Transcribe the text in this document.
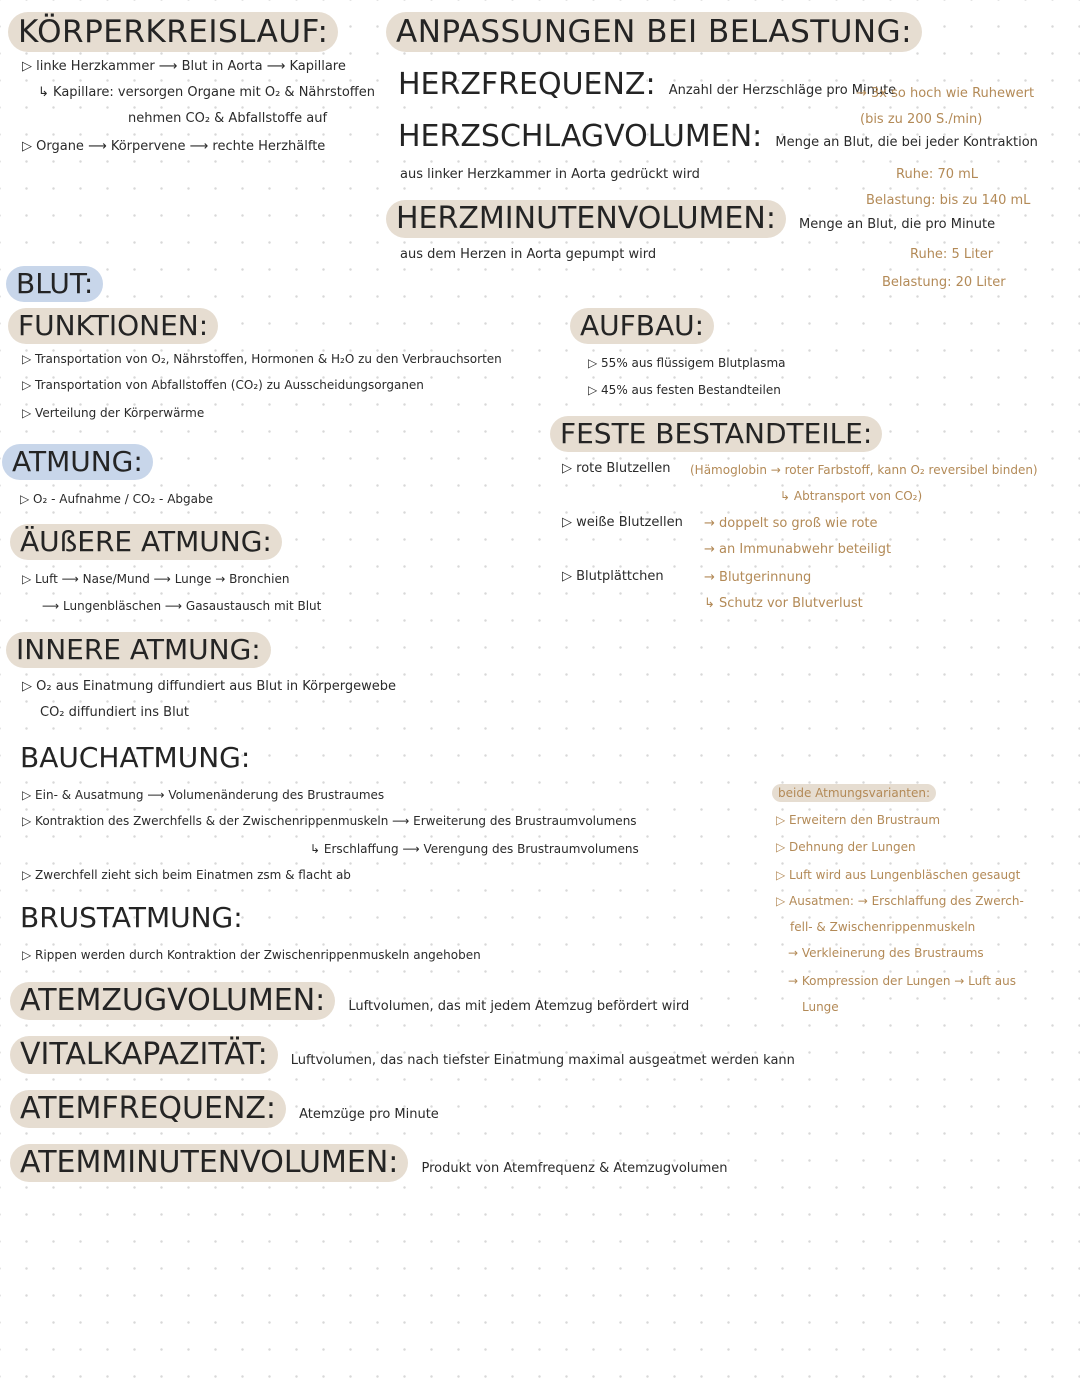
KÖRPERKREISLAUF:
▷ linke Herzkammer ⟶ Blut in Aorta ⟶ Kapillare
↳ Kapillare: versorgen Organe mit O₂ & Nährstoffen
nehmen CO₂ & Abfallstoffe auf
▷ Organe ⟶ Körpervene ⟶ rechte Herzhälfte
ANPASSUNGEN BEI BELASTUNG:
HERZFREQUENZ: Anzahl der Herzschläge pro Minute
→ 3x so hoch wie Ruhewert
(bis zu 200 S./min)
HERZSCHLAGVOLUMEN: Menge an Blut, die bei jeder Kontraktion
aus linker Herzkammer in Aorta gedrückt wird	Ruhe: 70 mL
Belastung: bis zu 140 mL
HERZMINUTENVOLUMEN: Menge an Blut, die pro Minute
aus dem Herzen in Aorta gepumpt wird	Ruhe: 5 Liter
Belastung: 20 Liter
BLUT:
FUNKTIONEN:
▷ Transportation von O₂, Nährstoffen, Hormonen & H₂O zu den Verbrauchsorten
▷ Transportation von Abfallstoffen (CO₂) zu Ausscheidungsorganen
▷ Verteilung der Körperwärme
AUFBAU:
▷ 55% aus flüssigem Blutplasma
▷ 45% aus festen Bestandteilen
FESTE BESTANDTEILE:
▷ rote Blutzellen (Hämoglobin → roter Farbstoff, kann O₂ reversibel binden)
↳ Abtransport von CO₂)
▷ weiße Blutzellen → doppelt so groß wie rote
→ an Immunabwehr beteiligt
▷ Blutplättchen	→ Blutgerinnung
↳ Schutz vor Blutverlust
ATMUNG:
▷ O₂ - Aufnahme / CO₂ - Abgabe
ÄUßERE ATMUNG:
▷ Luft ⟶ Nase/Mund ⟶ Lunge → Bronchien
⟶ Lungenbläschen ⟶ Gasaustausch mit Blut
INNERE ATMUNG:
▷ O₂ aus Einatmung diffundiert aus Blut in Körpergewebe
CO₂ diffundiert ins Blut
BAUCHATMUNG:
▷ Ein- & Ausatmung ⟶ Volumenänderung des Brustraumes
▷ Kontraktion des Zwerchfells & der Zwischenrippenmuskeln ⟶ Erweiterung des Brustraumvolumens
↳ Erschlaffung ⟶ Verengung des Brustraumvolumens
▷ Zwerchfell zieht sich beim Einatmen zsm & flacht ab
beide Atmungsvarianten:
▷ Erweitern den Brustraum
▷ Dehnung der Lungen
▷ Luft wird aus Lungenbläschen gesaugt
▷ Ausatmen: → Erschlaffung des Zwerch-
fell- & Zwischenrippenmuskeln
→ Verkleinerung des Brustraums
→ Kompression der Lungen → Luft aus
Lunge
BRUSTATMUNG:
▷ Rippen werden durch Kontraktion der Zwischenrippenmuskeln angehoben
ATEMZUGVOLUMEN: Luftvolumen, das mit jedem Atemzug befördert wird
VITALKAPAZITÄT: Luftvolumen, das nach tiefster Einatmung maximal ausgeatmet werden kann
ATEMFREQUENZ: Atemzüge pro Minute
ATEMMINUTENVOLUMEN: Produkt von Atemfrequenz & Atemzugvolumen
